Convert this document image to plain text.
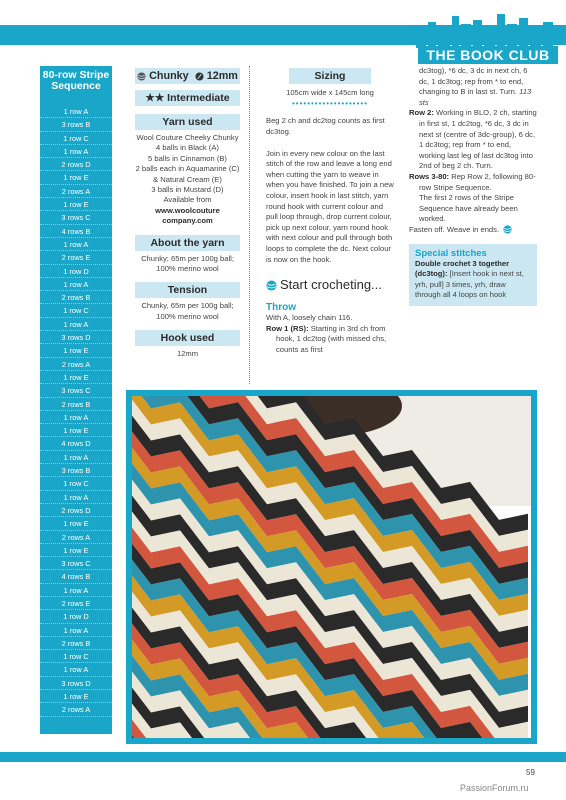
THE BOOK CLUB
80-row Stripe Sequence
1 row A
3 rows B
1 row C
1 row A
2 rows D
1 row E
2 rows A
1 row E
3 rows C
4 rows B
1 row A
2 rows E
1 row D
1 row A
2 rows B
1 row C
1 row A
3 rows D
1 row E
2 rows A
1 row E
3 rows C
2 rows B
1 row A
1 row E
4 rows D
1 row A
3 rows B
1 row C
1 row A
2 rows D
1 row E
2 rows A
1 row E
3 rows C
4 rows B
1 row A
2 rows E
1 row D
1 row A
2 rows B
1 row C
1 row A
3 rows D
1 row E
2 rows A
Chunky 12mm
★★ Intermediate
Yarn used
Wool Couture Cheeky Chunky
4 balls in Black (A)
5 balls in Cinnamon (B)
2 balls each in Aquamarine (C)
& Natural Cream (E)
3 balls in Mustard (D)
Available from
www.woolcouture
company.com
About the yarn
Chunky; 65m per 100g ball;
100% merino wool
Tension
Chunky, 65m per 100g ball;
100% merino wool
Hook used
12mm
Sizing
105cm wide x 145cm long
••••••••••••••••••••

Beg 2 ch and dc2tog counts as first dc3tog.

Join in every new colour on the last stitch of the row and leave a long end when cutting the yarn to weave in when you have finished. To join a new colour, insert hook in last stitch, yarn round hook with current colour and pull loop through, drop current colour, pick up next colour, yarn round hook with next colour and pull through both loops to complete the dc. Next colour is now on the hook.

Start crocheting...
Throw

With A, loosely chain 116.

Row 1 (RS): Starting in 3rd ch from hook, 1 dc2tog (with missed chs, counts as first

dc3tog), *6 dc, 3 dc in next ch, 6 dc, 1 dc3tog; rep from * to end, changing to B in last st. Turn. 113 sts

Row 2: Working in BLO, 2 ch, starting in first st, 1 dc2tog, *6 dc, 3 dc in next st (centre of 3dc-group), 6 dc, 1 dc3tog; rep from * to end, working last leg of last dc3tog into 2nd of beg 2 ch. Turn.

Rows 3-80: Rep Row 2, following 80-row Stripe Sequence.

The first 2 rows of the Stripe Sequence have already been worked.

Fasten off. Weave in ends.

Special stitches

Double crochet 3 together (dc3tog): [Insert hook in next st, yrh, pull] 3 times, yrh, draw through all 4 loops on hook

59
PassionForum.ru
